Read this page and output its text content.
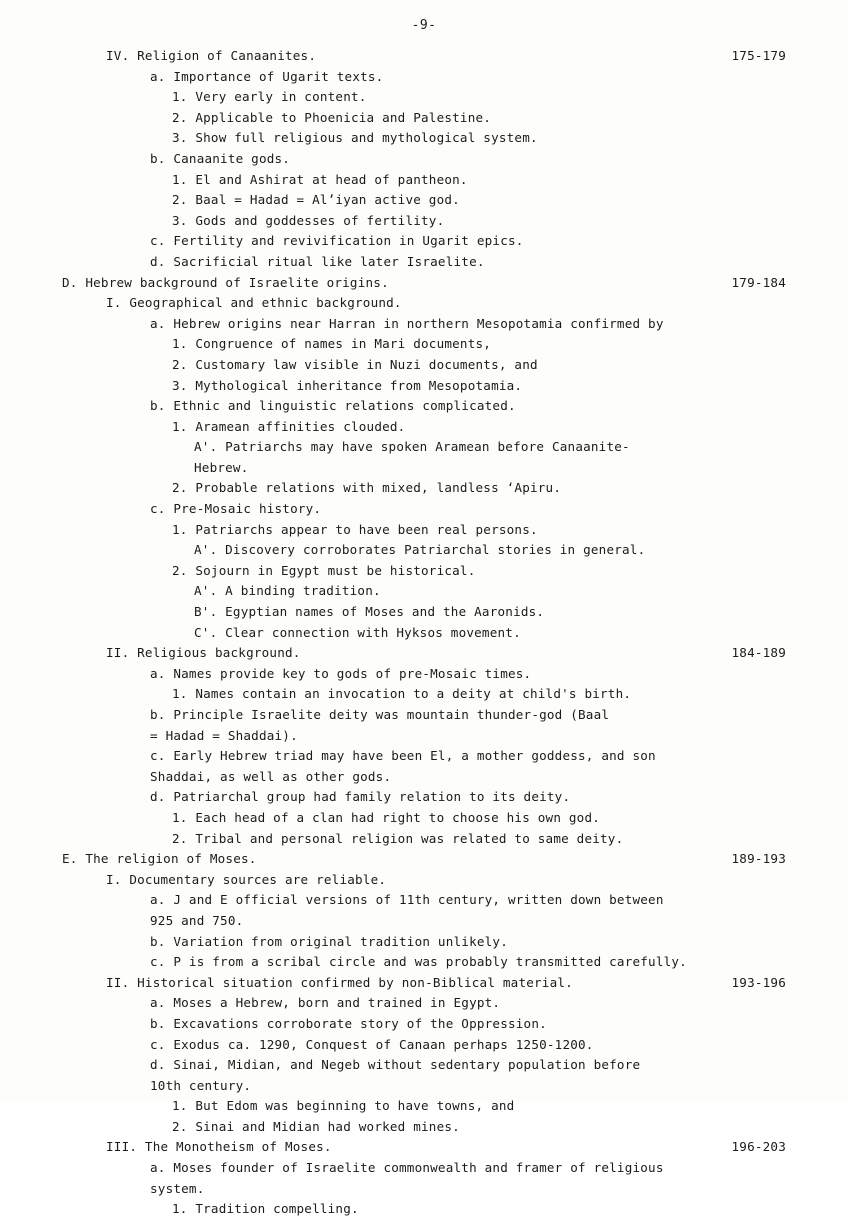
-9-
IV. Religion of Canaanites.	175-179
a. Importance of Ugarit texts.
1. Very early in content.
2. Applicable to Phoenicia and Palestine.
3. Show full religious and mythological system.
b. Canaanite gods.
1. El and Ashirat at head of pantheon.
2. Baal = Hadad = Alʼiyan active god.
3. Gods and goddesses of fertility.
c. Fertility and revivification in Ugarit epics.
d. Sacrificial ritual like later Israelite.
D. Hebrew background of Israelite origins.	179-184
I. Geographical and ethnic background.
a. Hebrew origins near Harran in northern Mesopotamia confirmed by
1. Congruence of names in Mari documents,
2. Customary law visible in Nuzi documents, and
3. Mythological inheritance from Mesopotamia.
b. Ethnic and linguistic relations complicated.
1. Aramean affinities clouded.
A'. Patriarchs may have spoken Aramean before Canaanite-
Hebrew.
2. Probable relations with mixed, landless ʻApiru.
c. Pre-Mosaic history.
1. Patriarchs appear to have been real persons.
A'. Discovery corroborates Patriarchal stories in general.
2. Sojourn in Egypt must be historical.
A'. A binding tradition.
B'. Egyptian names of Moses and the Aaronids.
C'. Clear connection with Hyksos movement.
II. Religious background.	184-189
a. Names provide key to gods of pre-Mosaic times.
1. Names contain an invocation to a deity at child's birth.
b. Principle Israelite deity was mountain thunder-god (Baal
= Hadad = Shaddai).
c. Early Hebrew triad may have been El, a mother goddess, and son
Shaddai, as well as other gods.
d. Patriarchal group had family relation to its deity.
1. Each head of a clan had right to choose his own god.
2. Tribal and personal religion was related to same deity.
E. The religion of Moses.	189-193
I. Documentary sources are reliable.
a. J and E official versions of 11th century, written down between
925 and 750.
b. Variation from original tradition unlikely.
c. P is from a scribal circle and was probably transmitted carefully.
II. Historical situation confirmed by non-Biblical material.	193-196
a. Moses a Hebrew, born and trained in Egypt.
b. Excavations corroborate story of the Oppression.
c. Exodus ca. 1290, Conquest of Canaan perhaps 1250-1200.
d. Sinai, Midian, and Negeb without sedentary population before
10th century.
1. But Edom was beginning to have towns, and
2. Sinai and Midian had worked mines.
III. The Monotheism of Moses.	196-203
a. Moses founder of Israelite commonwealth and framer of religious
system.
1. Tradition compelling.
